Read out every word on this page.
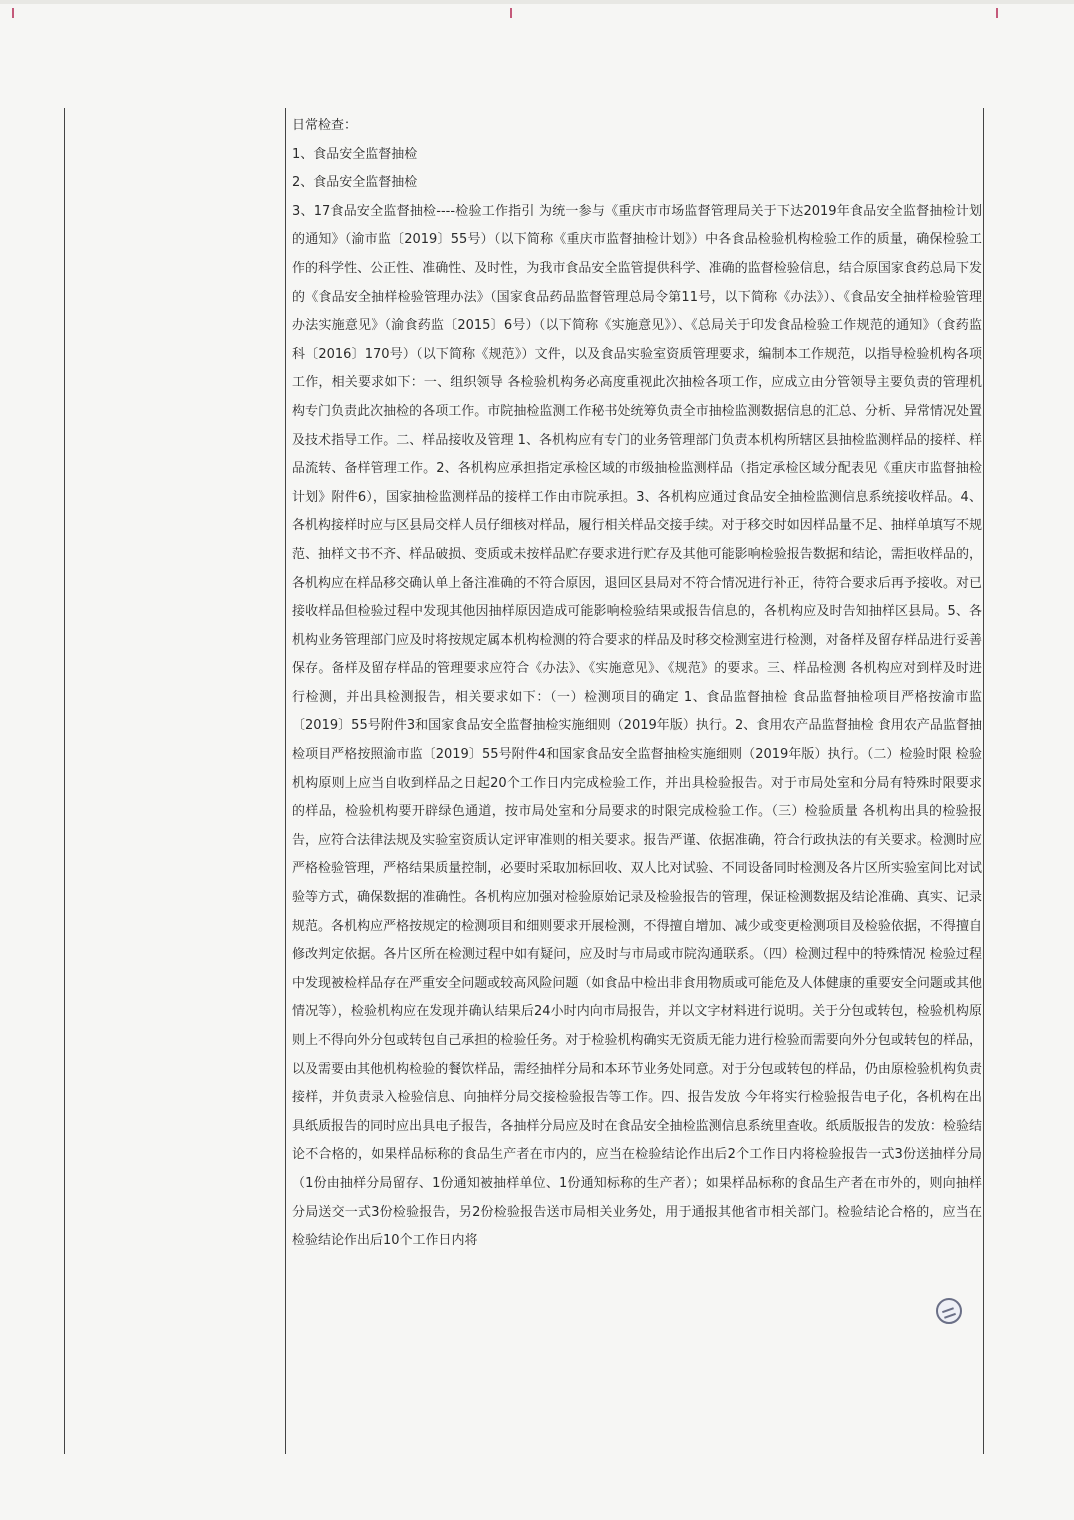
日常检查：

1、食品安全监督抽检

2、食品安全监督抽检

3、17食品安全监督抽检----检验工作指引 为统一参与《重庆市市场监督管理局关于下达2019年食品安全监督抽检计划的通知》（渝市监〔2019〕55号）（以下简称《重庆市监督抽检计划》）中各食品检验机构检验工作的质量，确保检验工作的科学性、公正性、准确性、及时性，为我市食品安全监管提供科学、准确的监督检验信息，结合原国家食药总局下发的《食品安全抽样检验管理办法》（国家食品药品监督管理总局令第11号，以下简称《办法》）、《食品安全抽样检验管理办法实施意见》（渝食药监〔2015〕6号）（以下简称《实施意见》）、《总局关于印发食品检验工作规范的通知》（食药监科〔2016〕170号）（以下简称《规范》）文件，以及食品实验室资质管理要求，编制本工作规范，以指导检验机构各项工作，相关要求如下：一、组织领导 各检验机构务必高度重视此次抽检各项工作，应成立由分管领导主要负责的管理机构专门负责此次抽检的各项工作。市院抽检监测工作秘书处统筹负责全市抽检监测数据信息的汇总、分析、异常情况处置及技术指导工作。二、样品接收及管理 1、各机构应有专门的业务管理部门负责本机构所辖区县抽检监测样品的接样、样品流转、备样管理工作。2、各机构应承担指定承检区域的市级抽检监测样品（指定承检区域分配表见《重庆市监督抽检计划》附件6），国家抽检监测样品的接样工作由市院承担。3、各机构应通过食品安全抽检监测信息系统接收样品。4、各机构接样时应与区县局交样人员仔细核对样品，履行相关样品交接手续。对于移交时如因样品量不足、抽样单填写不规范、抽样文书不齐、样品破损、变质或未按样品贮存要求进行贮存及其他可能影响检验报告数据和结论，需拒收样品的，各机构应在样品移交确认单上备注准确的不符合原因，退回区县局对不符合情况进行补正，待符合要求后再予接收。对已接收样品但检验过程中发现其他因抽样原因造成可能影响检验结果或报告信息的，各机构应及时告知抽样区县局。5、各机构业务管理部门应及时将按规定属本机构检测的符合要求的样品及时移交检测室进行检测，对备样及留存样品进行妥善保存。备样及留存样品的管理要求应符合《办法》、《实施意见》、《规范》的要求。三、样品检测 各机构应对到样及时进行检测，并出具检测报告，相关要求如下：（一）检测项目的确定 1、食品监督抽检 食品监督抽检项目严格按渝市监〔2019〕55号附件3和国家食品安全监督抽检实施细则（2019年版）执行。2、食用农产品监督抽检 食用农产品监督抽检项目严格按照渝市监〔2019〕55号附件4和国家食品安全监督抽检实施细则（2019年版）执行。（二）检验时限 检验机构原则上应当自收到样品之日起20个工作日内完成检验工作，并出具检验报告。对于市局处室和分局有特殊时限要求的样品，检验机构要开辟绿色通道，按市局处室和分局要求的时限完成检验工作。（三）检验质量 各机构出具的检验报告，应符合法律法规及实验室资质认定评审准则的相关要求。报告严谨、依据准确，符合行政执法的有关要求。检测时应严格检验管理，严格结果质量控制，必要时采取加标回收、双人比对试验、不同设备同时检测及各片区所实验室间比对试验等方式，确保数据的准确性。各机构应加强对检验原始记录及检验报告的管理，保证检测数据及结论准确、真实、记录规范。各机构应严格按规定的检测项目和细则要求开展检测，不得擅自增加、减少或变更检测项目及检验依据，不得擅自修改判定依据。各片区所在检测过程中如有疑问，应及时与市局或市院沟通联系。（四）检测过程中的特殊情况 检验过程中发现被检样品存在严重安全问题或较高风险问题（如食品中检出非食用物质或可能危及人体健康的重要安全问题或其他情况等），检验机构应在发现并确认结果后24小时内向市局报告，并以文字材料进行说明。关于分包或转包，检验机构原则上不得向外分包或转包自己承担的检验任务。对于检验机构确实无资质无能力进行检验而需要向外分包或转包的样品，以及需要由其他机构检验的餐饮样品，需经抽样分局和本环节业务处同意。对于分包或转包的样品，仍由原检验机构负责接样，并负责录入检验信息、向抽样分局交接检验报告等工作。四、报告发放 今年将实行检验报告电子化，各机构在出具纸质报告的同时应出具电子报告，各抽样分局应及时在食品安全抽检监测信息系统里查收。纸质版报告的发放：检验结论不合格的，如果样品标称的食品生产者在市内的，应当在检验结论作出后2个工作日内将检验报告一式3份送抽样分局（1份由抽样分局留存、1份通知被抽样单位、1份通知标称的生产者）；如果样品标称的食品生产者在市外的，则向抽样分局送交一式3份检验报告，另2份检验报告送市局相关业务处，用于通报其他省市相关部门。检验结论合格的，应当在检验结论作出后10个工作日内将
